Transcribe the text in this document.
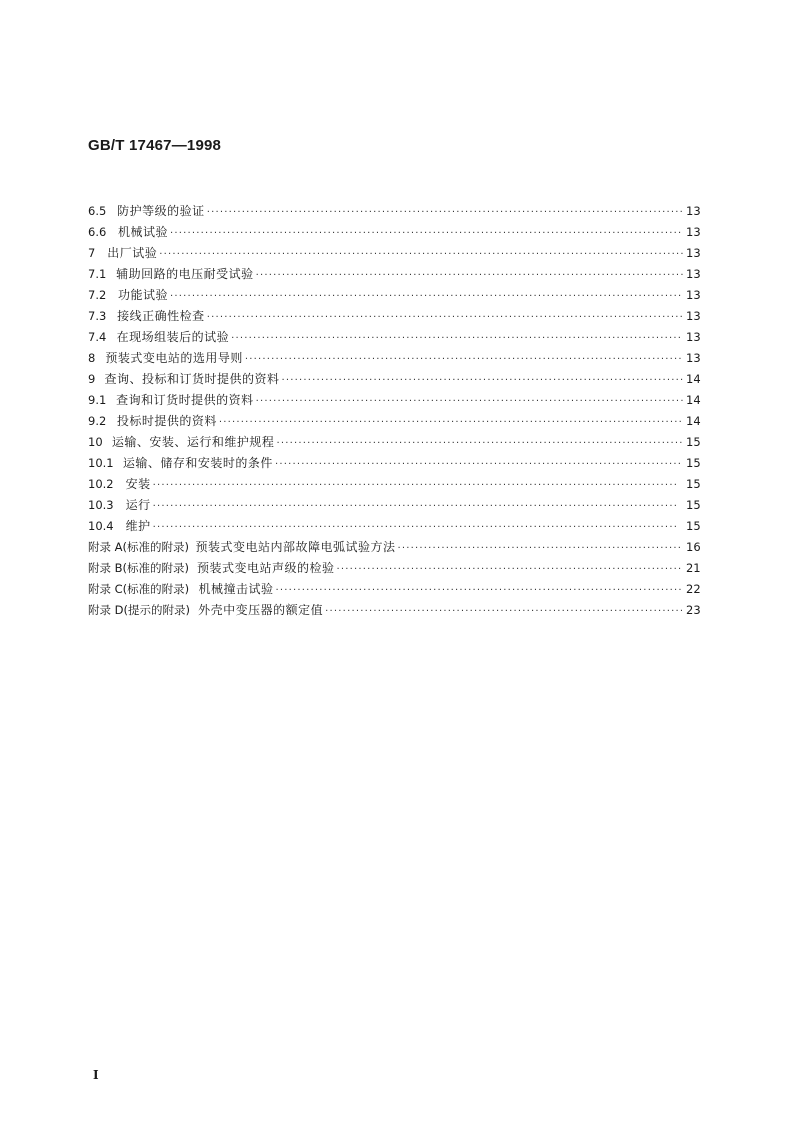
GB/T 17467—1998
6.5 防护等级的验证 ·····	13
6.6 机械试验 ·····	13
7 出厂试验 ·····	13
7.1 辅助回路的电压耐受试验 ·····	13
7.2 功能试验 ·····	13
7.3 接线正确性检查 ·····	13
7.4 在现场组装后的试验 ·····	13
8 预装式变电站的选用导则 ·····	13
9 查询、投标和订货时提供的资料 ·····	14
9.1 查询和订货时提供的资料 ·····	14
9.2 投标时提供的资料 ·····	14
10 运输、安装、运行和维护规程 ·····	15
10.1 运输、储存和安装时的条件 ·····	15
10.2 安装 ·····	15
10.3 运行 ·····	15
10.4 维护 ·····	15
附录 A(标准的附录) 预装式变电站内部故障电弧试验方法 ·····	16
附录 B(标准的附录) 预装式变电站声级的检验 ·····	21
附录 C(标准的附录) 机械撞击试验 ·····	22
附录 D(提示的附录) 外壳中变压器的额定值 ·····	23
I
